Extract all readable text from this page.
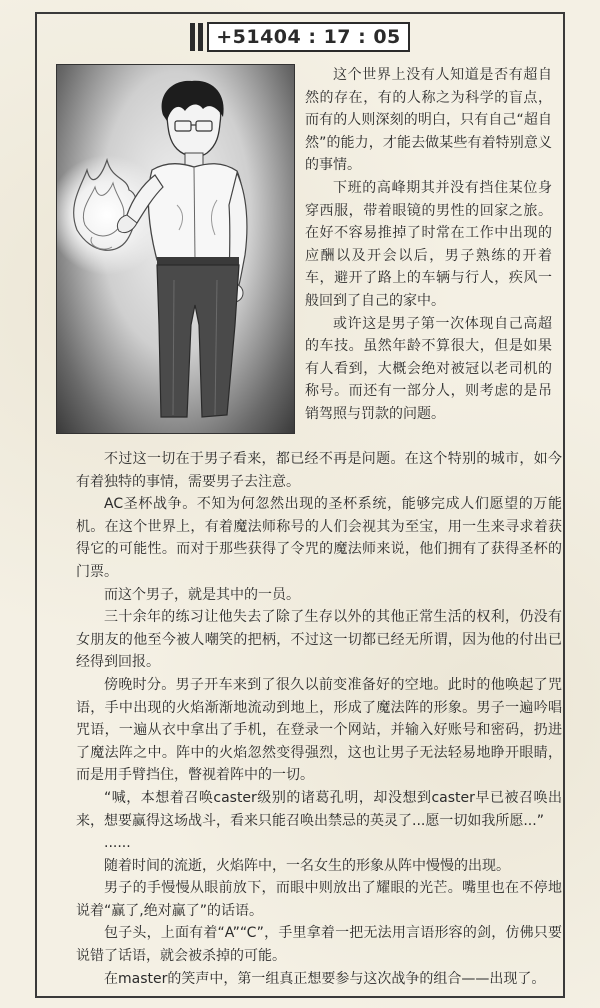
+51404 : 17 : 05

这个世界上没有人知道是否有超自然的存在，有的人称之为科学的盲点，而有的人则深刻的明白，只有自己“超自然”的能力，才能去做某些有着特别意义的事情。

下班的高峰期其并没有挡住某位身穿西服，带着眼镜的男性的回家之旅。在好不容易推掉了时常在工作中出现的应酬以及开会以后，男子熟练的开着车，避开了路上的车辆与行人，疾风一般回到了自己的家中。

或许这是男子第一次体现自己高超的车技。虽然年龄不算很大，但是如果有人看到，大概会绝对被冠以老司机的称号。而还有一部分人，则考虑的是吊销驾照与罚款的问题。

不过这一切在于男子看来，都已经不再是问题。在这个特别的城市，如今有着独特的事情，需要男子去注意。

AC圣杯战争。不知为何忽然出现的圣杯系统，能够完成人们愿望的万能机。在这个世界上，有着魔法师称号的人们会视其为至宝，用一生来寻求着获得它的可能性。而对于那些获得了令咒的魔法师来说，他们拥有了获得圣杯的门票。

而这个男子，就是其中的一员。

三十余年的练习让他失去了除了生存以外的其他正常生活的权利，仍没有女朋友的他至今被人嘲笑的把柄，不过这一切都已经无所谓，因为他的付出已经得到回报。

傍晚时分。男子开车来到了很久以前变准备好的空地。此时的他唤起了咒语，手中出现的火焰渐渐地流动到地上，形成了魔法阵的形象。男子一遍吟唱咒语，一遍从衣中拿出了手机，在登录一个网站，并输入好账号和密码，扔进了魔法阵之中。阵中的火焰忽然变得强烈，这也让男子无法轻易地睁开眼睛，而是用手臂挡住，瞥视着阵中的一切。

“喊，本想着召唤caster级别的诸葛孔明，却没想到caster早已被召唤出来，想要赢得这场战斗，看来只能召唤出禁忌的英灵了...愿一切如我所愿...”

......

随着时间的流逝，火焰阵中，一名女生的形象从阵中慢慢的出现。

男子的手慢慢从眼前放下，而眼中则放出了耀眼的光芒。嘴里也在不停地说着“赢了,绝对赢了”的话语。

包子头，上面有着“A”“C”，手里拿着一把无法用言语形容的剑，仿佛只要说错了话语，就会被杀掉的可能。

在master的笑声中，第一组真正想要参与这次战争的组合——出现了。
